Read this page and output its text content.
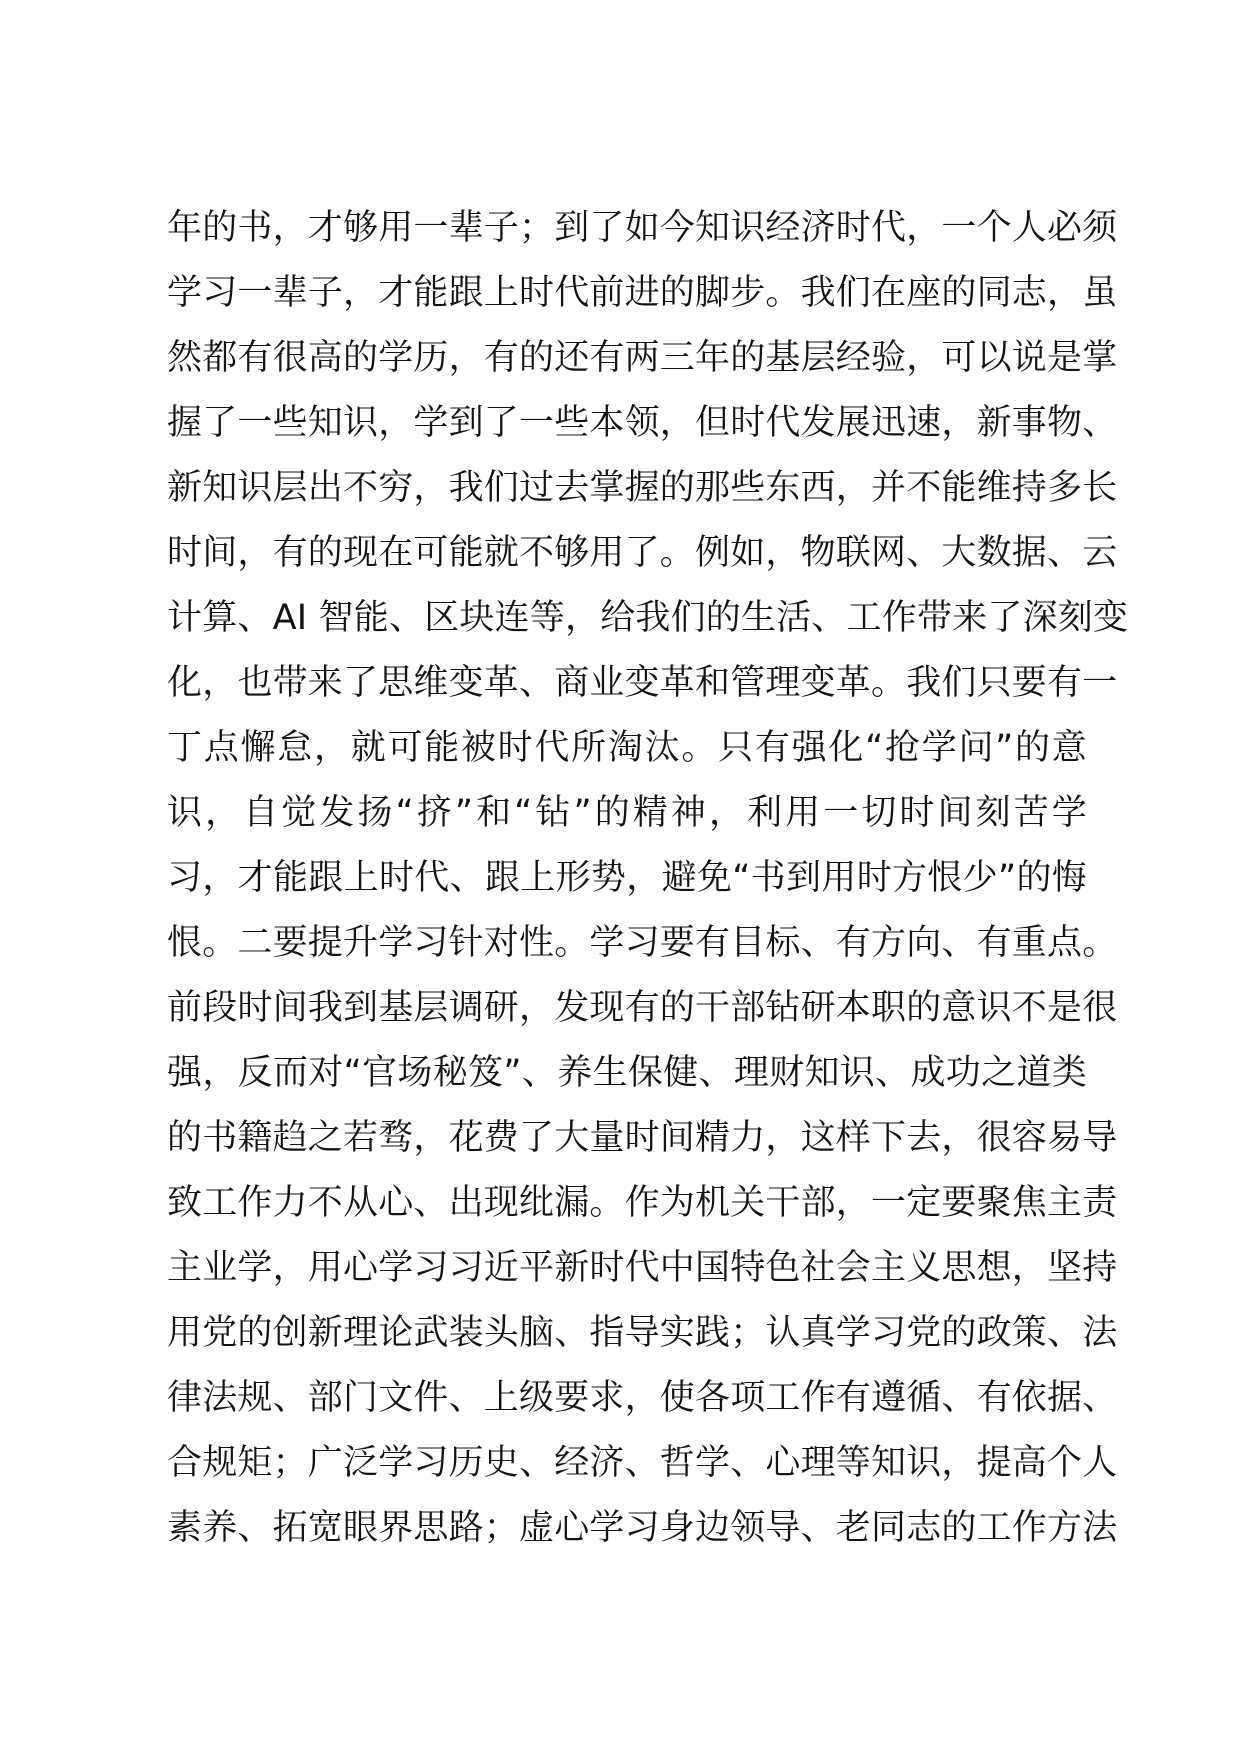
年的书，才够用一辈子；到了如今知识经济时代，一个人必须
学习一辈子，才能跟上时代前进的脚步。我们在座的同志，虽
然都有很高的学历，有的还有两三年的基层经验，可以说是掌
握了一些知识，学到了一些本领，但时代发展迅速，新事物、
新知识层出不穷，我们过去掌握的那些东西，并不能维持多长
时间，有的现在可能就不够用了。例如，物联网、大数据、云
计算、AI 智能、区块连等，给我们的生活、工作带来了深刻变
化，也带来了思维变革、商业变革和管理变革。我们只要有一
丁点懈怠，就可能被时代所淘汰。只有强化“抢学问”的意
识，自觉发扬“挤”和“钻”的精神，利用一切时间刻苦学
习，才能跟上时代、跟上形势，避免“书到用时方恨少”的悔
恨。二要提升学习针对性。学习要有目标、有方向、有重点。
前段时间我到基层调研，发现有的干部钻研本职的意识不是很
强，反而对“官场秘笈”、养生保健、理财知识、成功之道类
的书籍趋之若骛，花费了大量时间精力，这样下去，很容易导
致工作力不从心、出现纰漏。作为机关干部，一定要聚焦主责
主业学，用心学习习近平新时代中国特色社会主义思想，坚持
用党的创新理论武装头脑、指导实践；认真学习党的政策、法
律法规、部门文件、上级要求，使各项工作有遵循、有依据、
合规矩；广泛学习历史、经济、哲学、心理等知识，提高个人
素养、拓宽眼界思路；虚心学习身边领导、老同志的工作方法
